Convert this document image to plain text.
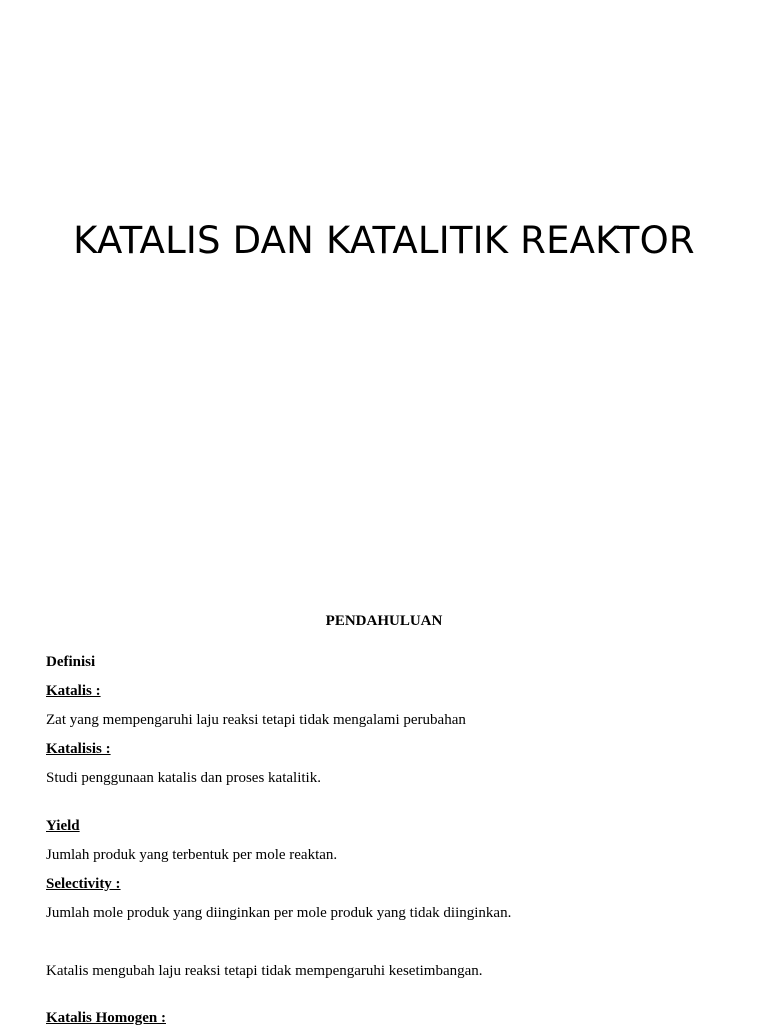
KATALIS DAN KATALITIK REAKTOR
PENDAHULUAN
Definisi
Katalis :
Zat yang mempengaruhi laju reaksi tetapi tidak mengalami perubahan
Katalisis :
Studi penggunaan katalis dan proses katalitik.
Yield
Jumlah produk yang terbentuk per mole reaktan.
Selectivity :
Jumlah mole produk yang diinginkan per mole produk yang tidak diinginkan.
Katalis mengubah laju reaksi tetapi tidak mempengaruhi kesetimbangan.
Katalis Homogen :
